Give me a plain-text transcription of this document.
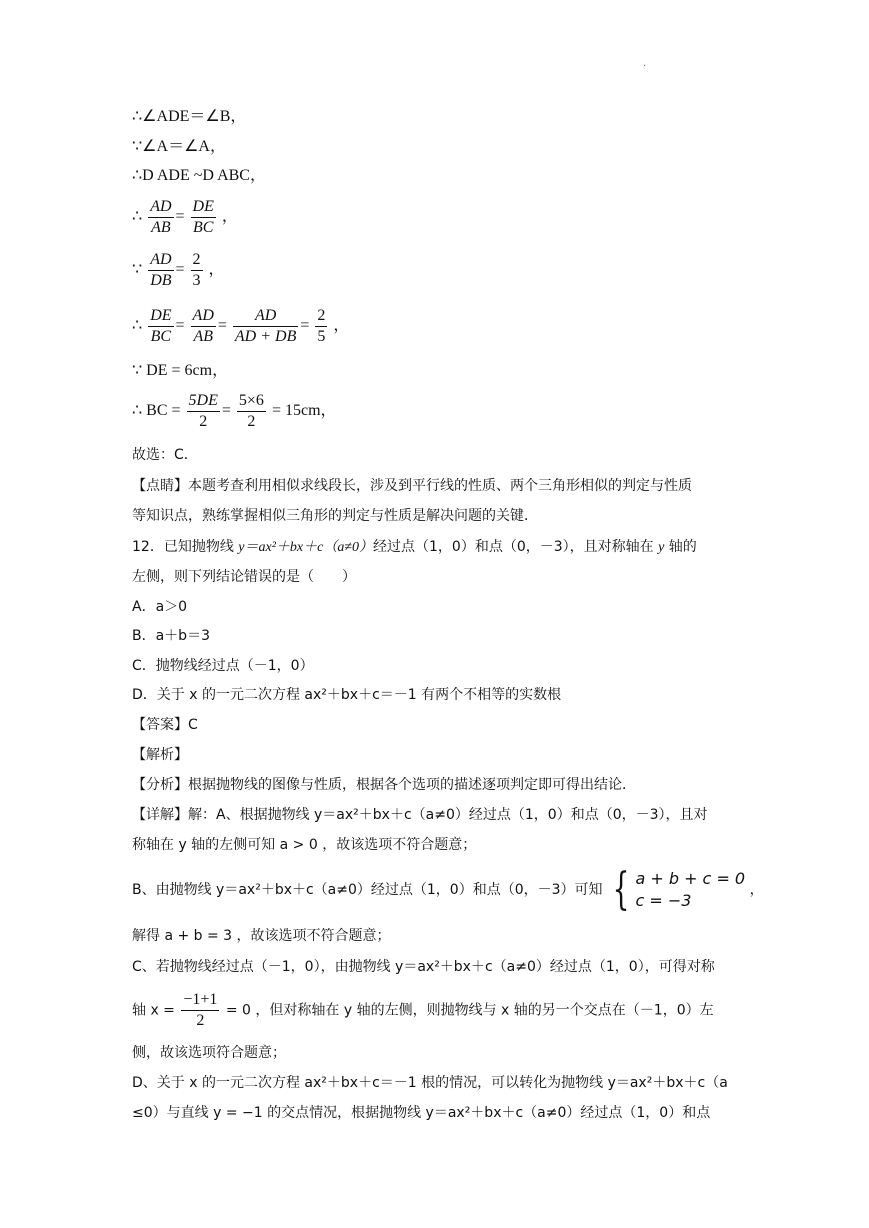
.
∴∠ADE＝∠B，
∵∠A＝∠A，
∴D ADE ~D ABC，
∴ $\frac{AD}{AB} = \frac{DE}{BC}$ ，
∵ $\frac{AD}{DB} = \frac{2}{3}$ ，
∴ $\frac{DE}{BC} = \frac{AD}{AB} = \frac{AD}{AD + DB} = \frac{2}{5}$ ，
∵ DE = 6cm，
∴ BC = $\frac{5DE}{2} = \frac{5\times 6}{2} = 15cm$，
故选：C．
【点睛】本题考查利用相似求线段长，涉及到平行线的性质、两个三角形相似的判定与性质
等知识点，熟练掌握相似三角形的判定与性质是解决问题的关键．
12．已知抛物线 y＝ax²＋bx＋c（a≠0）经过点（1，0）和点（0，－3），且对称轴在 y 轴的
左侧，则下列结论错误的是（　　）
A．a＞0
B．a＋b＝3
C．抛物线经过点（－1，0）
D．关于 x 的一元二次方程 ax²＋bx＋c＝－1 有两个不相等的实数根
【答案】C
【解析】
【分析】根据抛物线的图像与性质，根据各个选项的描述逐项判定即可得出结论．
【详解】解：A、根据抛物线 y＝ax²＋bx＋c（a≠0）经过点（1，0）和点（0，－3），且对
称轴在 y 轴的左侧可知 a > 0 ，故该选项不符合题意；
B、由抛物线 y＝ax²＋bx＋c（a≠0）经过点（1，0）和点（0，－3）可知 { a + b + c = 0
c = −3
，
解得 a + b = 3 ，故该选项不符合题意；
C、若抛物线经过点（－1，0），由抛物线 y＝ax²＋bx＋c（a≠0）经过点（1，0），可得对称
轴 $x = \frac{-1+1}{2} = 0$ ，但对称轴在 y 轴的左侧，则抛物线与 x 轴的另一个交点在（－1，0）左
侧，故该选项符合题意；
D、关于 x 的一元二次方程 ax²＋bx＋c＝－1 根的情况，可以转化为抛物线 y＝ax²＋bx＋c（a
≤0）与直线 y = −1 的交点情况，根据抛物线 y＝ax²＋bx＋c（a≠0）经过点（1，0）和点
